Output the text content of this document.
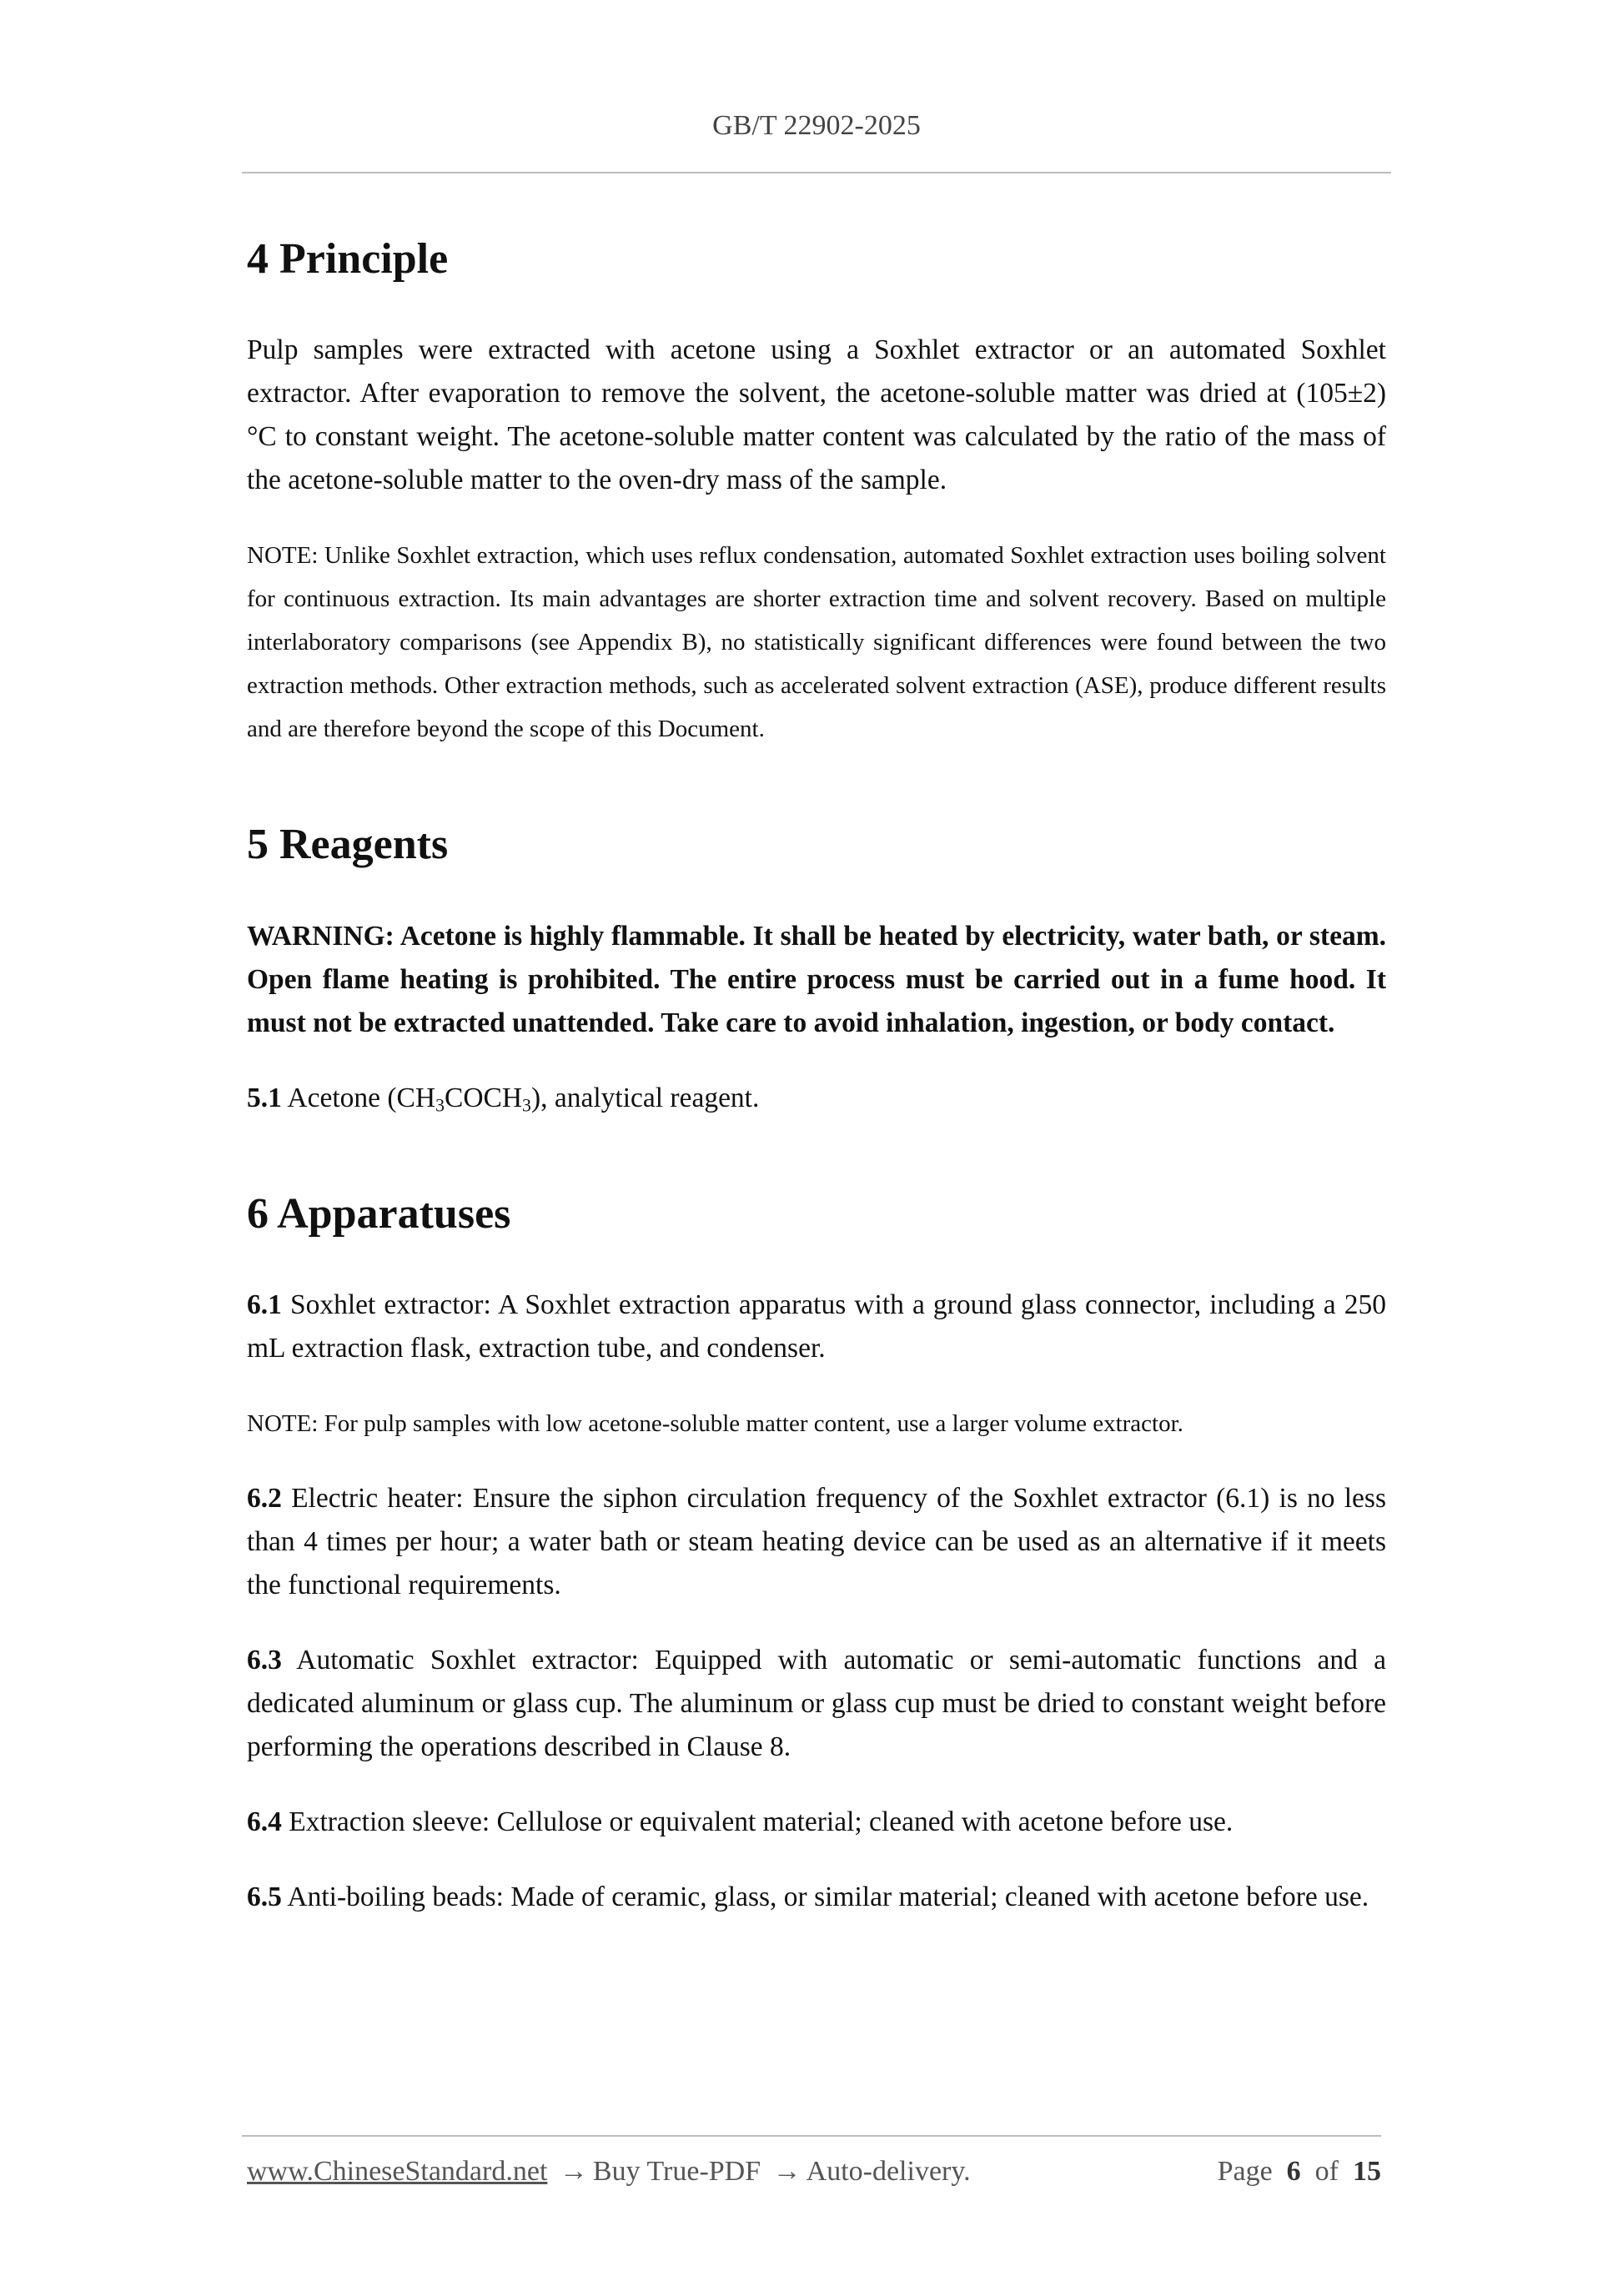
GB/T 22902-2025
4 Principle

Pulp samples were extracted with acetone using a Soxhlet extractor or an automated Soxhlet extractor. After evaporation to remove the solvent, the acetone-soluble matter was dried at (105±2) °C to constant weight. The acetone-soluble matter content was calculated by the ratio of the mass of the acetone-soluble matter to the oven-dry mass of the sample.

NOTE: Unlike Soxhlet extraction, which uses reflux condensation, automated Soxhlet extraction uses boiling solvent for continuous extraction. Its main advantages are shorter extraction time and solvent recovery. Based on multiple interlaboratory comparisons (see Appendix B), no statistically significant differences were found between the two extraction methods. Other extraction methods, such as accelerated solvent extraction (ASE), produce different results and are therefore beyond the scope of this Document.

5 Reagents

WARNING: Acetone is highly flammable. It shall be heated by electricity, water bath, or steam. Open flame heating is prohibited. The entire process must be carried out in a fume hood. It must not be extracted unattended. Take care to avoid inhalation, ingestion, or body contact.

5.1 Acetone $(CH_3COCH_3)$, analytical reagent.

6 Apparatuses

6.1 Soxhlet extractor: A Soxhlet extraction apparatus with a ground glass connector, including a 250 mL extraction flask, extraction tube, and condenser.

NOTE: For pulp samples with low acetone-soluble matter content, use a larger volume extractor.

6.2 Electric heater: Ensure the siphon circulation frequency of the Soxhlet extractor (6.1) is no less than 4 times per hour; a water bath or steam heating device can be used as an alternative if it meets the functional requirements.

6.3 Automatic Soxhlet extractor: Equipped with automatic or semi-automatic functions and a dedicated aluminum or glass cup. The aluminum or glass cup must be dried to constant weight before performing the operations described in Clause 8.

6.4 Extraction sleeve: Cellulose or equivalent material; cleaned with acetone before use.

6.5 Anti-boiling beads: Made of ceramic, glass, or similar material; cleaned with acetone before use.

www.ChineseStandard.net → Buy True-PDF → Auto-delivery.	Page 6 of 15
